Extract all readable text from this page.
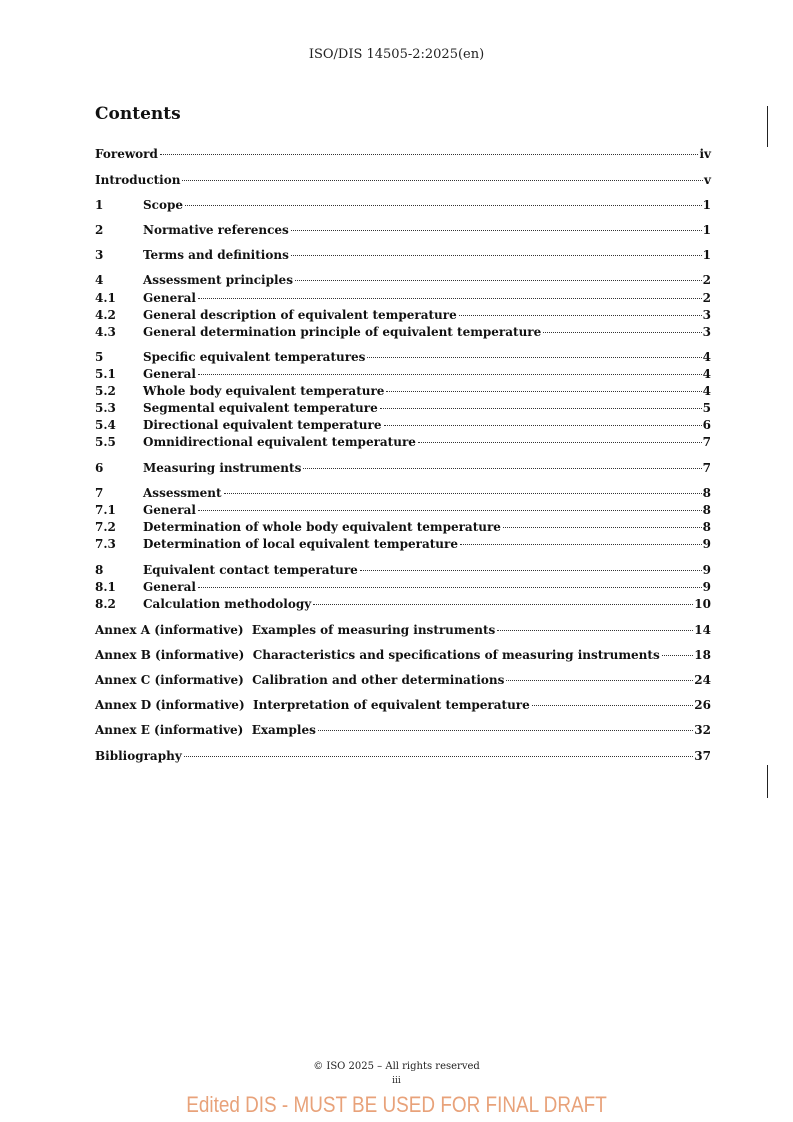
ISO/DIS 14505-2:2025(en)
Contents
Foreword	iv
Introduction	v
1	Scope	1
2	Normative references	1
3	Terms and definitions	1
4	Assessment principles	2
4.1	General	2
4.2	General description of equivalent temperature	3
4.3	General determination principle of equivalent temperature	3
5	Specific equivalent temperatures	4
5.1	General	4
5.2	Whole body equivalent temperature	4
5.3	Segmental equivalent temperature	5
5.4	Directional equivalent temperature	6
5.5	Omnidirectional equivalent temperature	7
6	Measuring instruments	7
7	Assessment	8
7.1	General	8
7.2	Determination of whole body equivalent temperature	8
7.3	Determination of local equivalent temperature	9
8	Equivalent contact temperature	9
8.1	General	9
8.2	Calculation methodology	10
Annex A (informative)  Examples of measuring instruments	14
Annex B (informative)  Characteristics and specifications of measuring instruments	18
Annex C (informative)  Calibration and other determinations	24
Annex D (informative)  Interpretation of equivalent temperature	26
Annex E (informative)  Examples	32
Bibliography	37
© ISO 2025 – All rights reserved
iii
Edited DIS - MUST BE USED FOR FINAL DRAFT
